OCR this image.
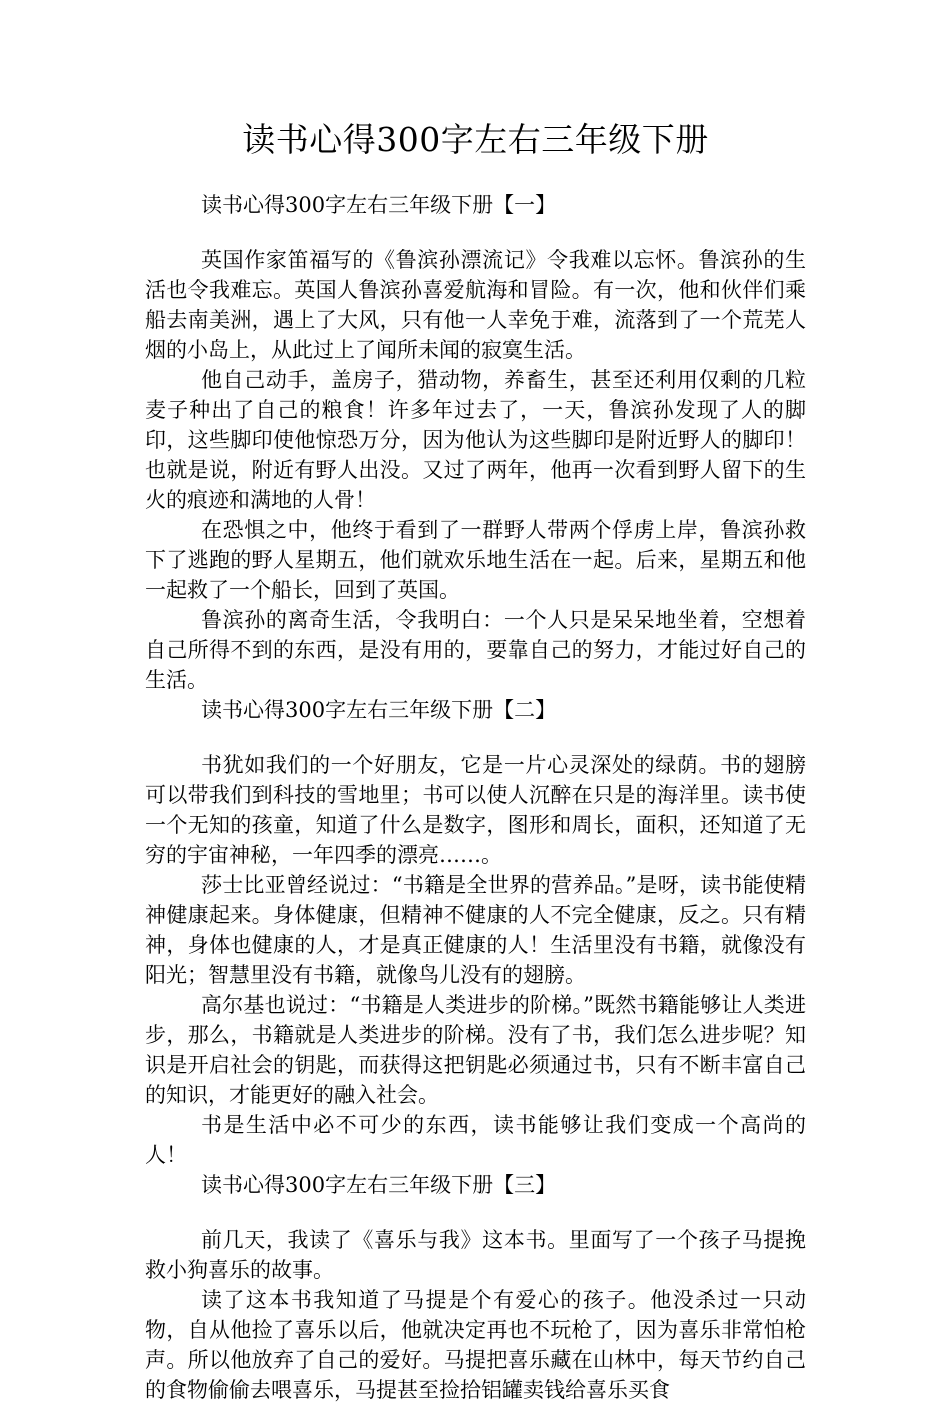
读书心得300字左右三年级下册
读书心得300字左右三年级下册【一】

英国作家笛福写的《鲁滨孙漂流记》令我难以忘怀。鲁滨孙的生活也令我难忘。英国人鲁滨孙喜爱航海和冒险。有一次，他和伙伴们乘船去南美洲，遇上了大风，只有他一人幸免于难，流落到了一个荒芜人烟的小岛上，从此过上了闻所未闻的寂寞生活。

他自己动手，盖房子，猎动物，养畜生，甚至还利用仅剩的几粒麦子种出了自己的粮食！许多年过去了，一天，鲁滨孙发现了人的脚印，这些脚印使他惊恐万分，因为他认为这些脚印是附近野人的脚印！也就是说，附近有野人出没。又过了两年，他再一次看到野人留下的生火的痕迹和满地的人骨！

在恐惧之中，他终于看到了一群野人带两个俘虏上岸，鲁滨孙救下了逃跑的野人星期五，他们就欢乐地生活在一起。后来，星期五和他一起救了一个船长，回到了英国。

鲁滨孙的离奇生活，令我明白：一个人只是呆呆地坐着，空想着自己所得不到的东西，是没有用的，要靠自己的努力，才能过好自己的生活。

读书心得300字左右三年级下册【二】

书犹如我们的一个好朋友，它是一片心灵深处的绿荫。书的翅膀可以带我们到科技的雪地里；书可以使人沉醉在只是的海洋里。读书使一个无知的孩童，知道了什么是数字，图形和周长，面积，还知道了无穷的宇宙神秘，一年四季的漂亮……。

莎士比亚曾经说过：“书籍是全世界的营养品。”是呀，读书能使精神健康起来。身体健康，但精神不健康的人不完全健康，反之。只有精神，身体也健康的人，才是真正健康的人！生活里没有书籍，就像没有阳光；智慧里没有书籍，就像鸟儿没有的翅膀。

高尔基也说过：“书籍是人类进步的阶梯。”既然书籍能够让人类进步，那么，书籍就是人类进步的阶梯。没有了书，我们怎么进步呢？知识是开启社会的钥匙，而获得这把钥匙必须通过书，只有不断丰富自己的知识，才能更好的融入社会。

书是生活中必不可少的东西，读书能够让我们变成一个高尚的人！

读书心得300字左右三年级下册【三】

前几天，我读了《喜乐与我》这本书。里面写了一个孩子马提挽救小狗喜乐的故事。

读了这本书我知道了马提是个有爱心的孩子。他没杀过一只动物，自从他捡了喜乐以后，他就决定再也不玩枪了，因为喜乐非常怕枪声。所以他放弃了自己的爱好。马提把喜乐藏在山林中，每天节约自己的食物偷偷去喂喜乐，马提甚至捡拾铝罐卖钱给喜乐买食
